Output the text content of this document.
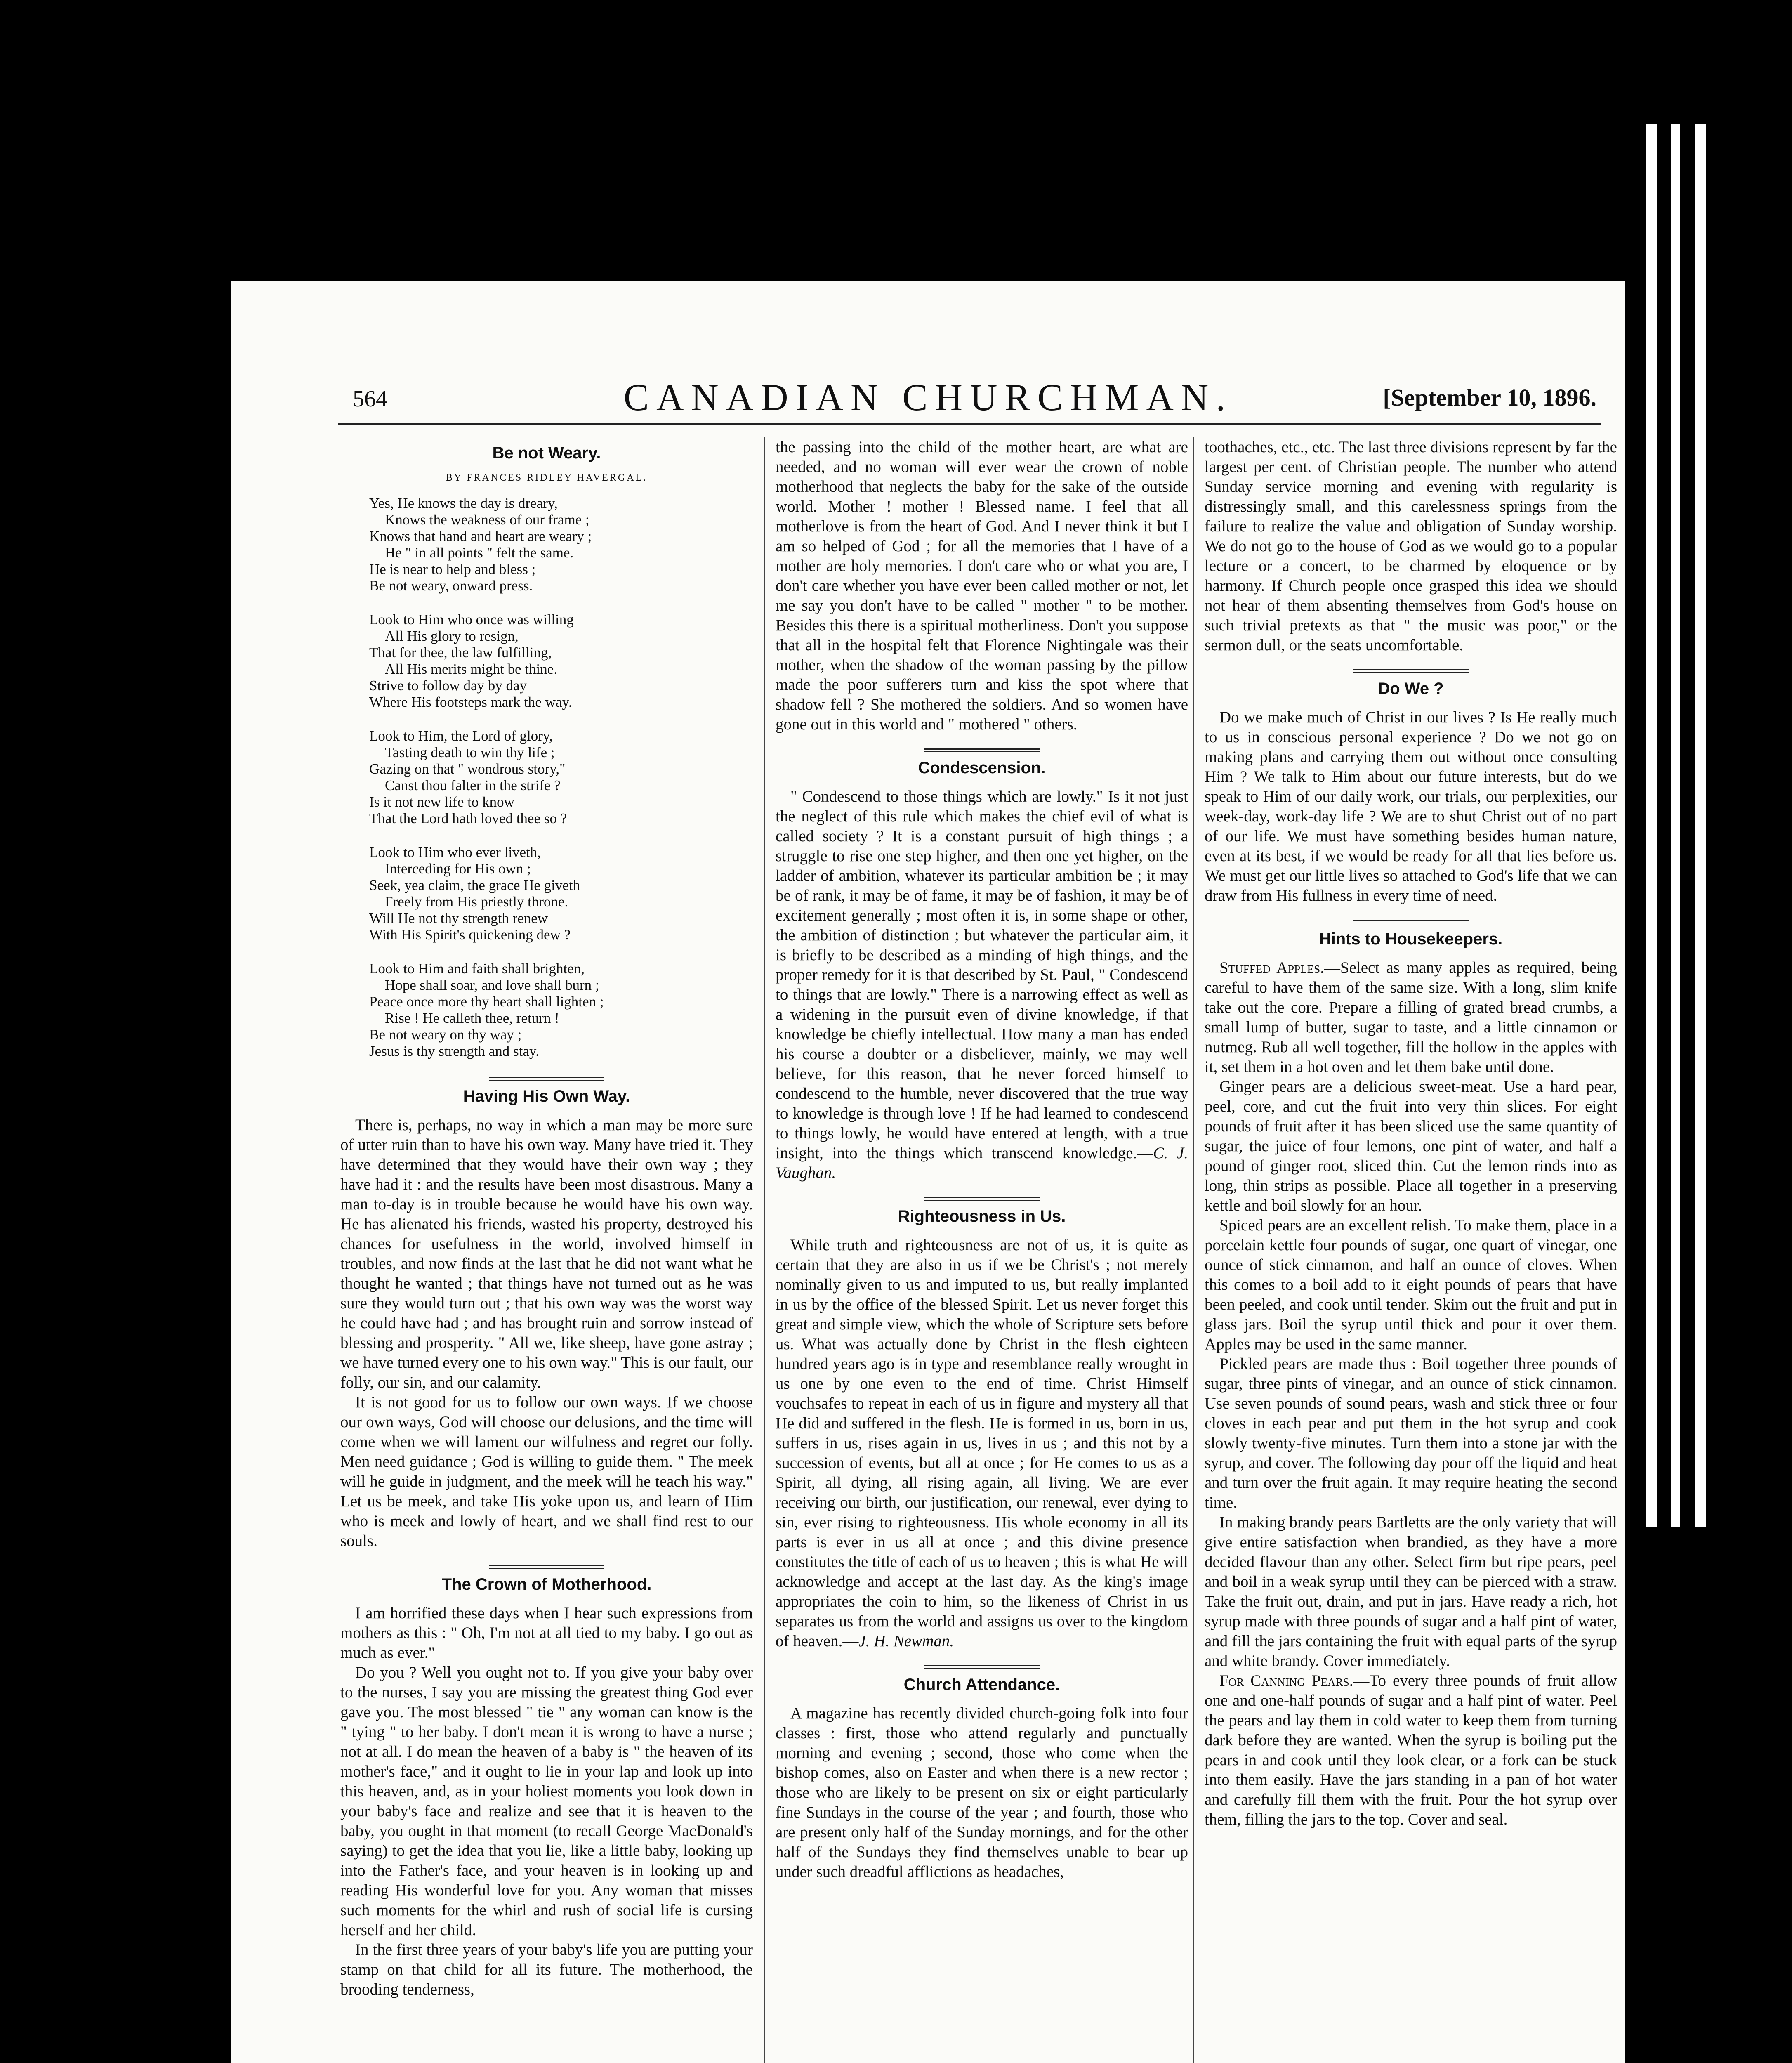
564	CANADIAN CHURCHMAN.	[September 10, 1896.
Be not Weary.
BY FRANCES RIDLEY HAVERGAL.
Yes, He knows the day is dreary,
Knows the weakness of our frame ;
Knows that hand and heart are weary ;
He " in all points " felt the same.
He is near to help and bless ;
Be not weary, onward press.
Look to Him who once was willing
All His glory to resign,
That for thee, the law fulfilling,
All His merits might be thine.
Strive to follow day by day
Where His footsteps mark the way.
Look to Him, the Lord of glory,
Tasting death to win thy life ;
Gazing on that " wondrous story,"
Canst thou falter in the strife ?
Is it not new life to know
That the Lord hath loved thee so ?
Look to Him who ever liveth,
Interceding for His own ;
Seek, yea claim, the grace He giveth
Freely from His priestly throne.
Will He not thy strength renew
With His Spirit's quickening dew ?
Look to Him and faith shall brighten,
Hope shall soar, and love shall burn ;
Peace once more thy heart shall lighten ;
Rise ! He calleth thee, return !
Be not weary on thy way ;
Jesus is thy strength and stay.
Having His Own Way.

There is, perhaps, no way in which a man may be more sure of utter ruin than to have his own way. Many have tried it. They have determined that they would have their own way ; they have had it : and the results have been most disastrous. Many a man to-day is in trouble because he would have his own way. He has alienated his friends, wasted his property, destroyed his chances for usefulness in the world, involved himself in troubles, and now finds at the last that he did not want what he thought he wanted ; that things have not turned out as he was sure they would turn out ; that his own way was the worst way he could have had ; and has brought ruin and sorrow instead of blessing and prosperity. " All we, like sheep, have gone astray ; we have turned every one to his own way." This is our fault, our folly, our sin, and our calamity.

It is not good for us to follow our own ways. If we choose our own ways, God will choose our delusions, and the time will come when we will lament our wilfulness and regret our folly. Men need guidance ; God is willing to guide them. " The meek will he guide in judgment, and the meek will he teach his way." Let us be meek, and take His yoke upon us, and learn of Him who is meek and lowly of heart, and we shall find rest to our souls.

The Crown of Motherhood.

I am horrified these days when I hear such expressions from mothers as this : " Oh, I'm not at all tied to my baby. I go out as much as ever."

Do you ? Well you ought not to. If you give your baby over to the nurses, I say you are missing the greatest thing God ever gave you. The most blessed " tie " any woman can know is the " tying " to her baby. I don't mean it is wrong to have a nurse ; not at all. I do mean the heaven of a baby is " the heaven of its mother's face," and it ought to lie in your lap and look up into this heaven, and, as in your holiest moments you look down in your baby's face and realize and see that it is heaven to the baby, you ought in that moment (to recall George MacDonald's saying) to get the idea that you lie, like a little baby, looking up into the Father's face, and your heaven is in looking up and reading His wonderful love for you. Any woman that misses such moments for the whirl and rush of social life is cursing herself and her child.

In the first three years of your baby's life you are putting your stamp on that child for all its future. The motherhood, the brooding tenderness,

the passing into the child of the mother heart, are what are needed, and no woman will ever wear the crown of noble motherhood that neglects the baby for the sake of the outside world. Mother ! mother ! Blessed name. I feel that all motherlove is from the heart of God. And I never think it but I am so helped of God ; for all the memories that I have of a mother are holy memories. I don't care who or what you are, I don't care whether you have ever been called mother or not, let me say you don't have to be called " mother " to be mother. Besides this there is a spiritual motherliness. Don't you suppose that all in the hospital felt that Florence Nightingale was their mother, when the shadow of the woman passing by the pillow made the poor sufferers turn and kiss the spot where that shadow fell ? She mothered the soldiers. And so women have gone out in this world and " mothered " others.

Condescension.

" Condescend to those things which are lowly." Is it not just the neglect of this rule which makes the chief evil of what is called society ? It is a constant pursuit of high things ; a struggle to rise one step higher, and then one yet higher, on the ladder of ambition, whatever its particular ambition be ; it may be of rank, it may be of fame, it may be of fashion, it may be of excitement generally ; most often it is, in some shape or other, the ambition of distinction ; but whatever the particular aim, it is briefly to be described as a minding of high things, and the proper remedy for it is that described by St. Paul, " Condescend to things that are lowly." There is a narrowing effect as well as a widening in the pursuit even of divine knowledge, if that knowledge be chiefly intellectual. How many a man has ended his course a doubter or a disbeliever, mainly, we may well believe, for this reason, that he never forced himself to condescend to the humble, never discovered that the true way to knowledge is through love ! If he had learned to condescend to things lowly, he would have entered at length, with a true insight, into the things which transcend knowledge.—C. J. Vaughan.

Righteousness in Us.

While truth and righteousness are not of us, it is quite as certain that they are also in us if we be Christ's ; not merely nominally given to us and imputed to us, but really implanted in us by the office of the blessed Spirit. Let us never forget this great and simple view, which the whole of Scripture sets before us. What was actually done by Christ in the flesh eighteen hundred years ago is in type and resemblance really wrought in us one by one even to the end of time. Christ Himself vouchsafes to repeat in each of us in figure and mystery all that He did and suffered in the flesh. He is formed in us, born in us, suffers in us, rises again in us, lives in us ; and this not by a succession of events, but all at once ; for He comes to us as a Spirit, all dying, all rising again, all living. We are ever receiving our birth, our justification, our renewal, ever dying to sin, ever rising to righteousness. His whole economy in all its parts is ever in us all at once ; and this divine presence constitutes the title of each of us to heaven ; this is what He will acknowledge and accept at the last day. As the king's image appropriates the coin to him, so the likeness of Christ in us separates us from the world and assigns us over to the kingdom of heaven.—J. H. Newman.

Church Attendance.

A magazine has recently divided church-going folk into four classes : first, those who attend regularly and punctually morning and evening ; second, those who come when the bishop comes, also on Easter and when there is a new rector ; those who are likely to be present on six or eight particularly fine Sundays in the course of the year ; and fourth, those who are present only half of the Sunday mornings, and for the other half of the Sundays they find themselves unable to bear up under such dreadful afflictions as headaches,

toothaches, etc., etc. The last three divisions represent by far the largest per cent. of Christian people. The number who attend Sunday service morning and evening with regularity is distressingly small, and this carelessness springs from the failure to realize the value and obligation of Sunday worship. We do not go to the house of God as we would go to a popular lecture or a concert, to be charmed by eloquence or by harmony. If Church people once grasped this idea we should not hear of them absenting themselves from God's house on such trivial pretexts as that " the music was poor," or the sermon dull, or the seats uncomfortable.

Do We ?

Do we make much of Christ in our lives ? Is He really much to us in conscious personal experience ? Do we not go on making plans and carrying them out without once consulting Him ? We talk to Him about our future interests, but do we speak to Him of our daily work, our trials, our perplexities, our week-day, work-day life ? We are to shut Christ out of no part of our life. We must have something besides human nature, even at its best, if we would be ready for all that lies before us. We must get our little lives so attached to God's life that we can draw from His fullness in every time of need.

Hints to Housekeepers.

Stuffed Apples.—Select as many apples as required, being careful to have them of the same size. With a long, slim knife take out the core. Prepare a filling of grated bread crumbs, a small lump of butter, sugar to taste, and a little cinnamon or nutmeg. Rub all well together, fill the hollow in the apples with it, set them in a hot oven and let them bake until done.

Ginger pears are a delicious sweet-meat. Use a hard pear, peel, core, and cut the fruit into very thin slices. For eight pounds of fruit after it has been sliced use the same quantity of sugar, the juice of four lemons, one pint of water, and half a pound of ginger root, sliced thin. Cut the lemon rinds into as long, thin strips as possible. Place all together in a preserving kettle and boil slowly for an hour.

Spiced pears are an excellent relish. To make them, place in a porcelain kettle four pounds of sugar, one quart of vinegar, one ounce of stick cinnamon, and half an ounce of cloves. When this comes to a boil add to it eight pounds of pears that have been peeled, and cook until tender. Skim out the fruit and put in glass jars. Boil the syrup until thick and pour it over them. Apples may be used in the same manner.

Pickled pears are made thus : Boil together three pounds of sugar, three pints of vinegar, and an ounce of stick cinnamon. Use seven pounds of sound pears, wash and stick three or four cloves in each pear and put them in the hot syrup and cook slowly twenty-five minutes. Turn them into a stone jar with the syrup, and cover. The following day pour off the liquid and heat and turn over the fruit again. It may require heating the second time.

In making brandy pears Bartletts are the only variety that will give entire satisfaction when brandied, as they have a more decided flavour than any other. Select firm but ripe pears, peel and boil in a weak syrup until they can be pierced with a straw. Take the fruit out, drain, and put in jars. Have ready a rich, hot syrup made with three pounds of sugar and a half pint of water, and fill the jars containing the fruit with equal parts of the syrup and white brandy. Cover immediately.

For Canning Pears.—To every three pounds of fruit allow one and one-half pounds of sugar and a half pint of water. Peel the pears and lay them in cold water to keep them from turning dark before they are wanted. When the syrup is boiling put the pears in and cook until they look clear, or a fork can be stuck into them easily. Have the jars standing in a pan of hot water and carefully fill them with the fruit. Pour the hot syrup over them, filling the jars to the top. Cover and seal.
